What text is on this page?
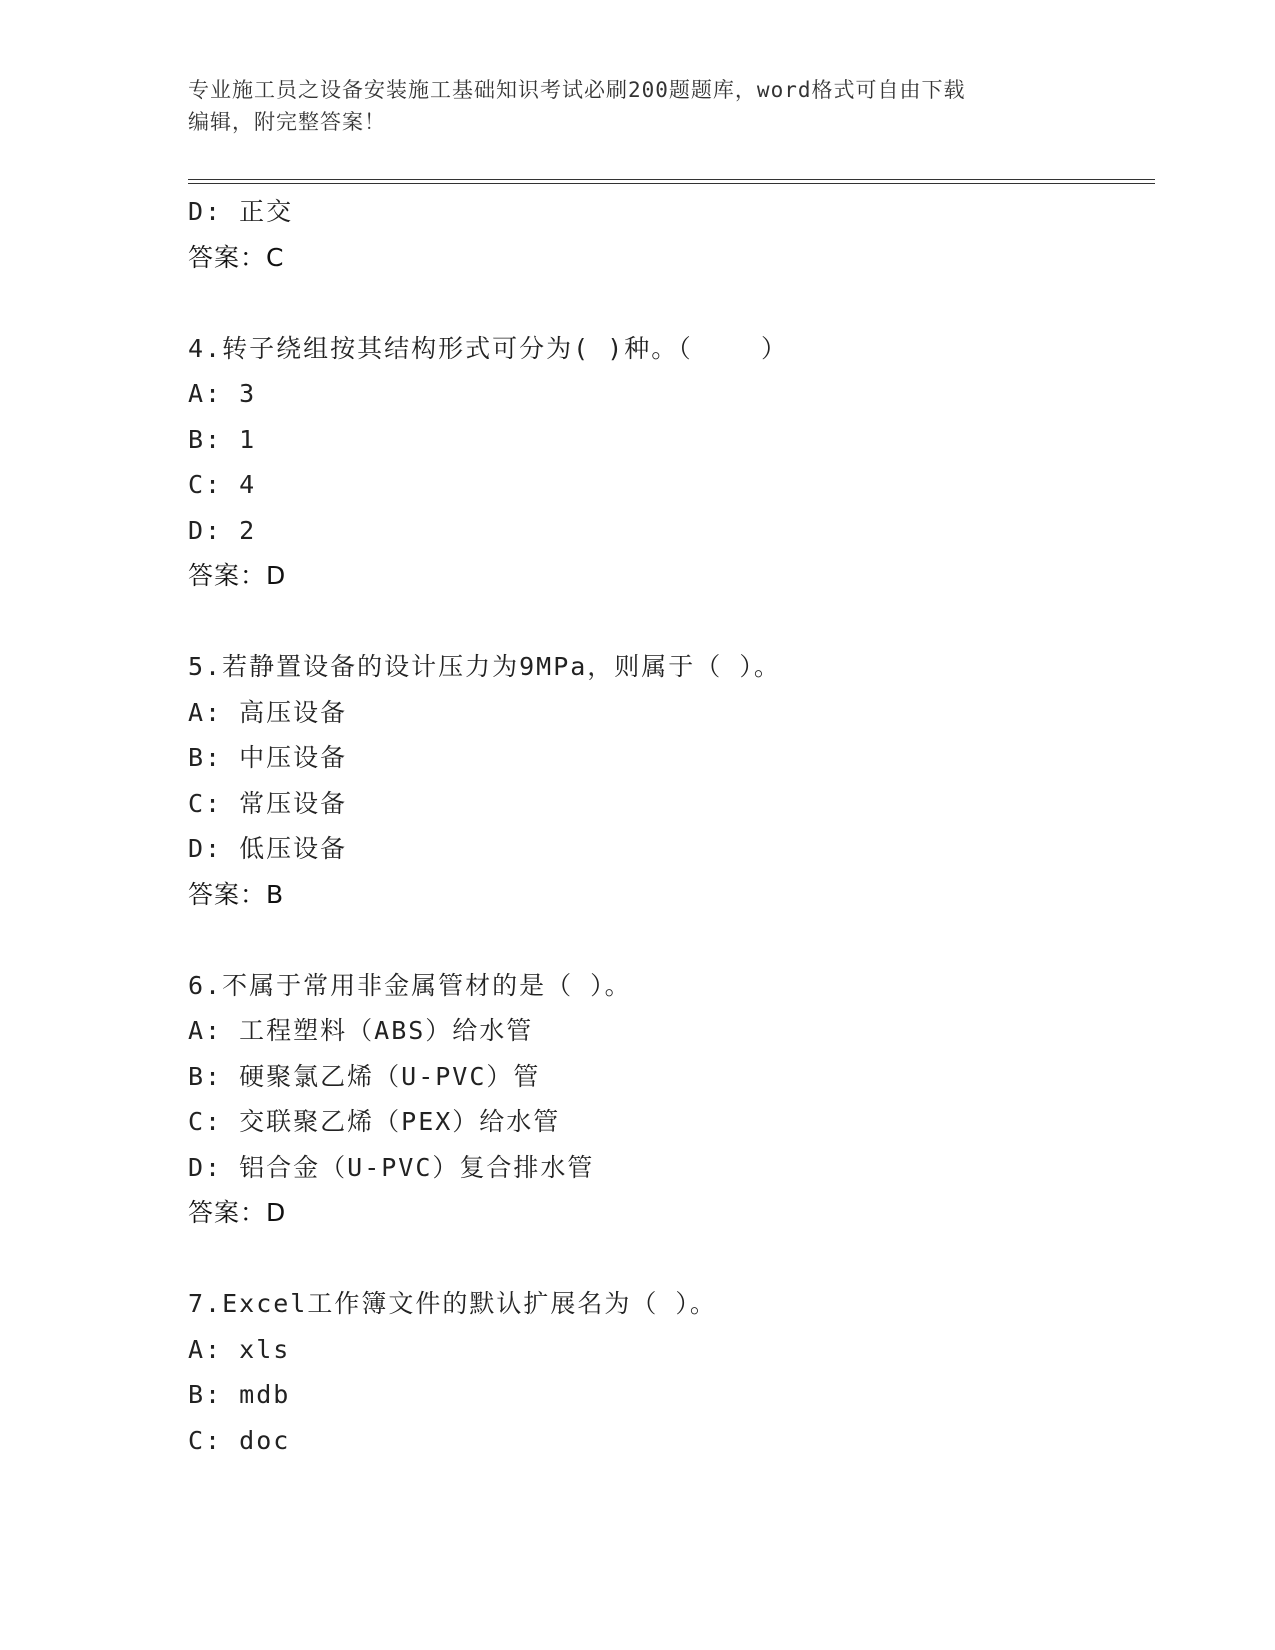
专业施工员之设备安装施工基础知识考试必刷200题题库，word格式可自由下载
编辑，附完整答案！
D: 正交
答案：C
4.转子绕组按其结构形式可分为( )种。（    ）
A: 3
B: 1
C: 4
D: 2
答案：D
5.若静置设备的设计压力为9MPa，则属于（ ）。
A: 高压设备
B: 中压设备
C: 常压设备
D: 低压设备
答案：B
6.不属于常用非金属管材的是（ ）。
A: 工程塑料（ABS）给水管
B: 硬聚氯乙烯（U-PVC）管
C: 交联聚乙烯（PEX）给水管
D: 铝合金（U-PVC）复合排水管
答案：D
7.Excel工作簿文件的默认扩展名为（ ）。
A: xls
B: mdb
C: doc
